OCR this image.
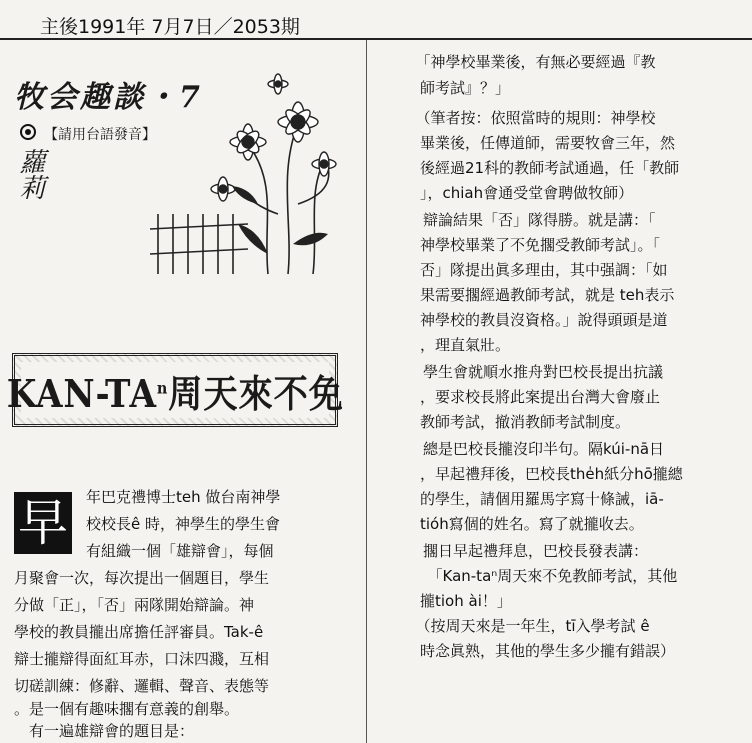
主後1991年 7月7日／2053期
牧会趣談・7
【請用台語發音】
蘿莉
KAN-$TA^n$周天來不免
早 年巴克禮博士teh 做台南神學
校校長ê 時，神學生的學生會
有組織一個「雄辯會」，每個
月聚會一次，每次提出一個題目，學生
分做「正」，「否」兩隊開始辯論。神
學校的教員攏出席擔任評審員。Tak-ê
辯士攏辯得面紅耳赤，口沫四濺，互相
切磋訓練：修辭、邏輯、聲音、表態等
。是一個有趣味擱有意義的創舉。
　有一遍雄辯會的題目是：
　「神學校畢業後，有無必要經過『教
師考試』？」
　（筆者按：依照當時的規則：神學校
畢業後，任傳道師，需要牧會三年，然
後經過21科的教師考試通過，任「教師
」，chiah會通受堂會聘做牧師）
　辯論結果「否」隊得勝。就是講：「
神學校畢業了不免擱受教師考試」。「
否」隊提出眞多理由，其中强調：「如
果需要擱經過教師考試，就是 teh表示
神學校的教員沒資格。」說得頭頭是道
，理直氣壯。
　學生會就順水推舟對巴校長提出抗議
，要求校長將此案提出台灣大會廢止
教師考試，撤消教師考試制度。
　總是巴校長攏沒印半句。隔kúi-nā日
，早起禮拜後，巴校長the̍h紙分hō攏總
的學生，請個用羅馬字寫十條誡，iā-
tióh寫個的姓名。寫了就攏收去。
　擱日早起禮拜息，巴校長發表講：
　「Kan-taⁿ周天來不免教師考試，其他
攏tioh ài！」
　（按周天來是一年生，tī入學考試 ê
時念眞熟，其他的學生多少攏有錯誤）
